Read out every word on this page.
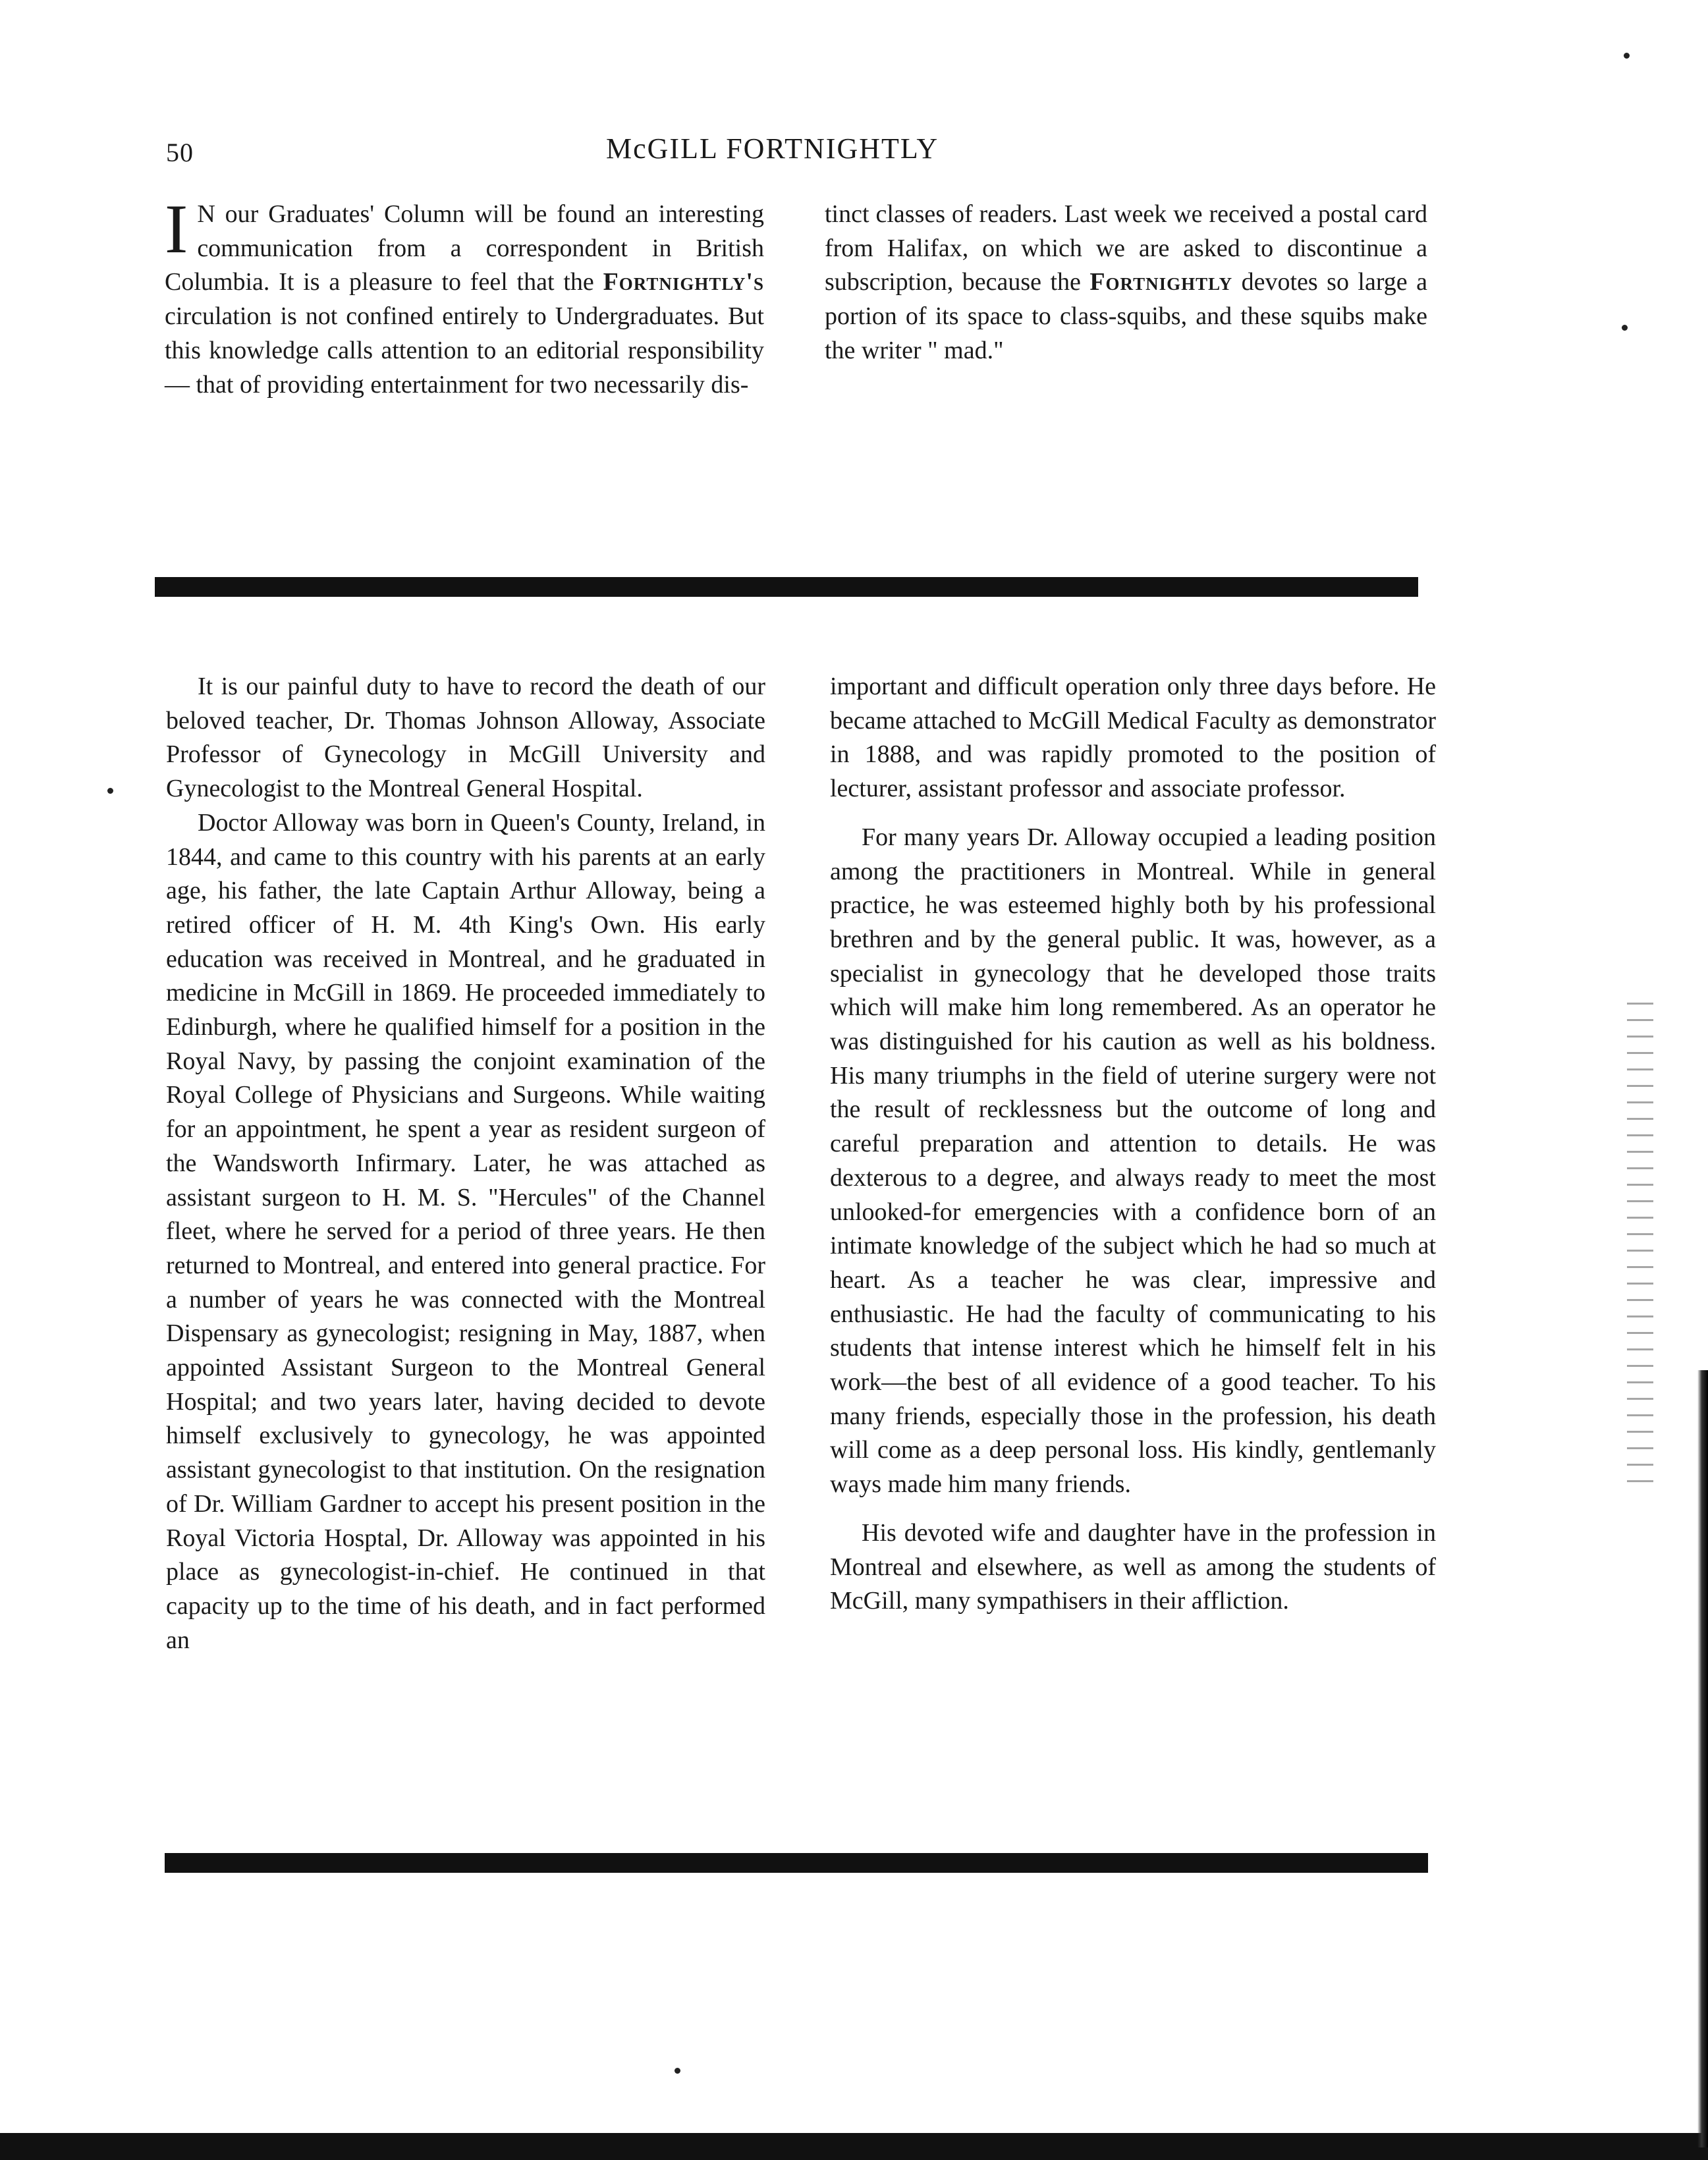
50	McGILL FORTNIGHTLY

I N our Graduates' Column will be found an interesting communication from a correspondent in British Columbia. It is a pleasure to feel that the Fortnightly's circulation is not confined entirely to Undergraduates. But this knowledge calls attention to an editorial responsibility— that of providing entertainment for two necessarily dis-

tinct classes of readers. Last week we received a postal card from Halifax, on which we are asked to discontinue a subscription, because the Fortnightly devotes so large a portion of its space to class-squibs, and these squibs make the writer " mad."

It is our painful duty to have to record the death of our beloved teacher, Dr. Thomas Johnson Alloway, Associate Professor of Gynecology in McGill University and Gynecologist to the Montreal General Hospital.

Doctor Alloway was born in Queen's County, Ireland, in 1844, and came to this country with his parents at an early age, his father, the late Captain Arthur Alloway, being a retired officer of H. M. 4th King's Own. His early education was received in Montreal, and he graduated in medicine in McGill in 1869. He proceeded immediately to Edinburgh, where he qualified himself for a position in the Royal Navy, by passing the conjoint examination of the Royal College of Physicians and Surgeons. While waiting for an appointment, he spent a year as resident surgeon of the Wandsworth Infirmary. Later, he was attached as assistant surgeon to H. M. S. "Hercules" of the Channel fleet, where he served for a period of three years. He then returned to Montreal, and entered into general practice. For a number of years he was connected with the Montreal Dispensary as gynecologist; resigning in May, 1887, when appointed Assistant Surgeon to the Montreal General Hospital; and two years later, having decided to devote himself exclusively to gynecology, he was appointed assistant gynecologist to that institution. On the resignation of Dr. William Gardner to accept his present position in the Royal Victoria Hosptal, Dr. Alloway was appointed in his place as gynecologist-in-chief. He continued in that capacity up to the time of his death, and in fact performed an

important and difficult operation only three days before. He became attached to McGill Medical Faculty as demonstrator in 1888, and was rapidly promoted to the position of lecturer, assistant professor and associate professor.

For many years Dr. Alloway occupied a leading position among the practitioners in Montreal. While in general practice, he was esteemed highly both by his professional brethren and by the general public. It was, however, as a specialist in gynecology that he developed those traits which will make him long remembered. As an operator he was distinguished for his caution as well as his boldness. His many triumphs in the field of uterine surgery were not the result of recklessness but the outcome of long and careful preparation and attention to details. He was dexterous to a degree, and always ready to meet the most unlooked-for emergencies with a confidence born of an intimate knowledge of the subject which he had so much at heart. As a teacher he was clear, impressive and enthusiastic. He had the faculty of communicating to his students that intense interest which he himself felt in his work—the best of all evidence of a good teacher. To his many friends, especially those in the profession, his death will come as a deep personal loss. His kindly, gentlemanly ways made him many friends.

His devoted wife and daughter have in the profession in Montreal and elsewhere, as well as among the students of McGill, many sympathisers in their affliction.
